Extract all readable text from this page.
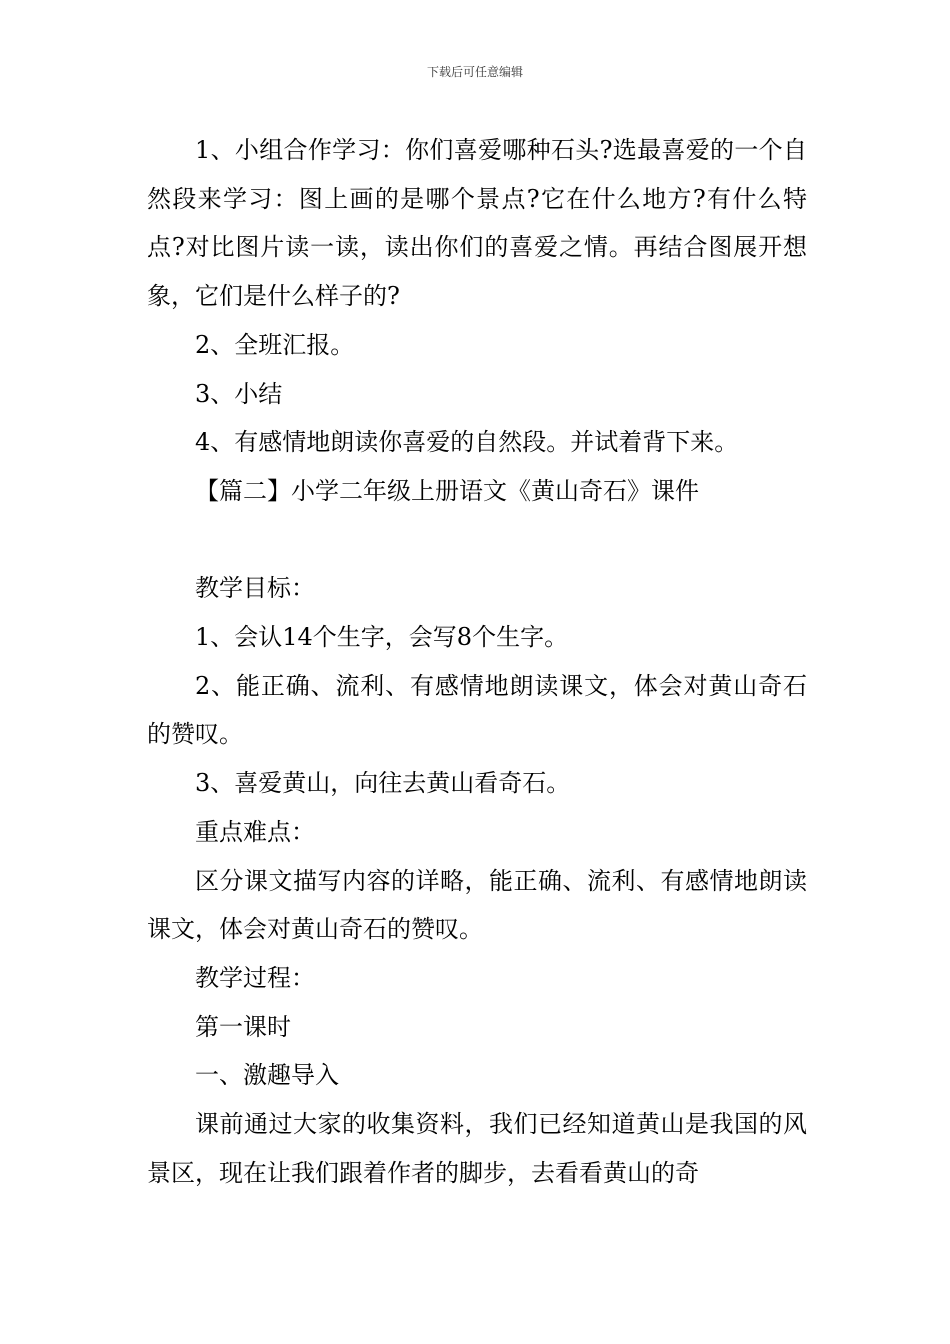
下载后可任意编辑

1、小组合作学习：你们喜爱哪种石头?选最喜爱的一个自然段来学习：图上画的是哪个景点?它在什么地方?有什么特点?对比图片读一读，读出你们的喜爱之情。再结合图展开想象，它们是什么样子的?

2、全班汇报。

3、小结

4、有感情地朗读你喜爱的自然段。并试着背下来。

【篇二】小学二年级上册语文《黄山奇石》课件

教学目标：

1、会认14个生字，会写8个生字。

2、能正确、流利、有感情地朗读课文，体会对黄山奇石的赞叹。

3、喜爱黄山，向往去黄山看奇石。

重点难点：

区分课文描写内容的详略，能正确、流利、有感情地朗读课文，体会对黄山奇石的赞叹。

教学过程：

第一课时

一、激趣导入

课前通过大家的收集资料，我们已经知道黄山是我国的风景区，现在让我们跟着作者的脚步，去看看黄山的奇
